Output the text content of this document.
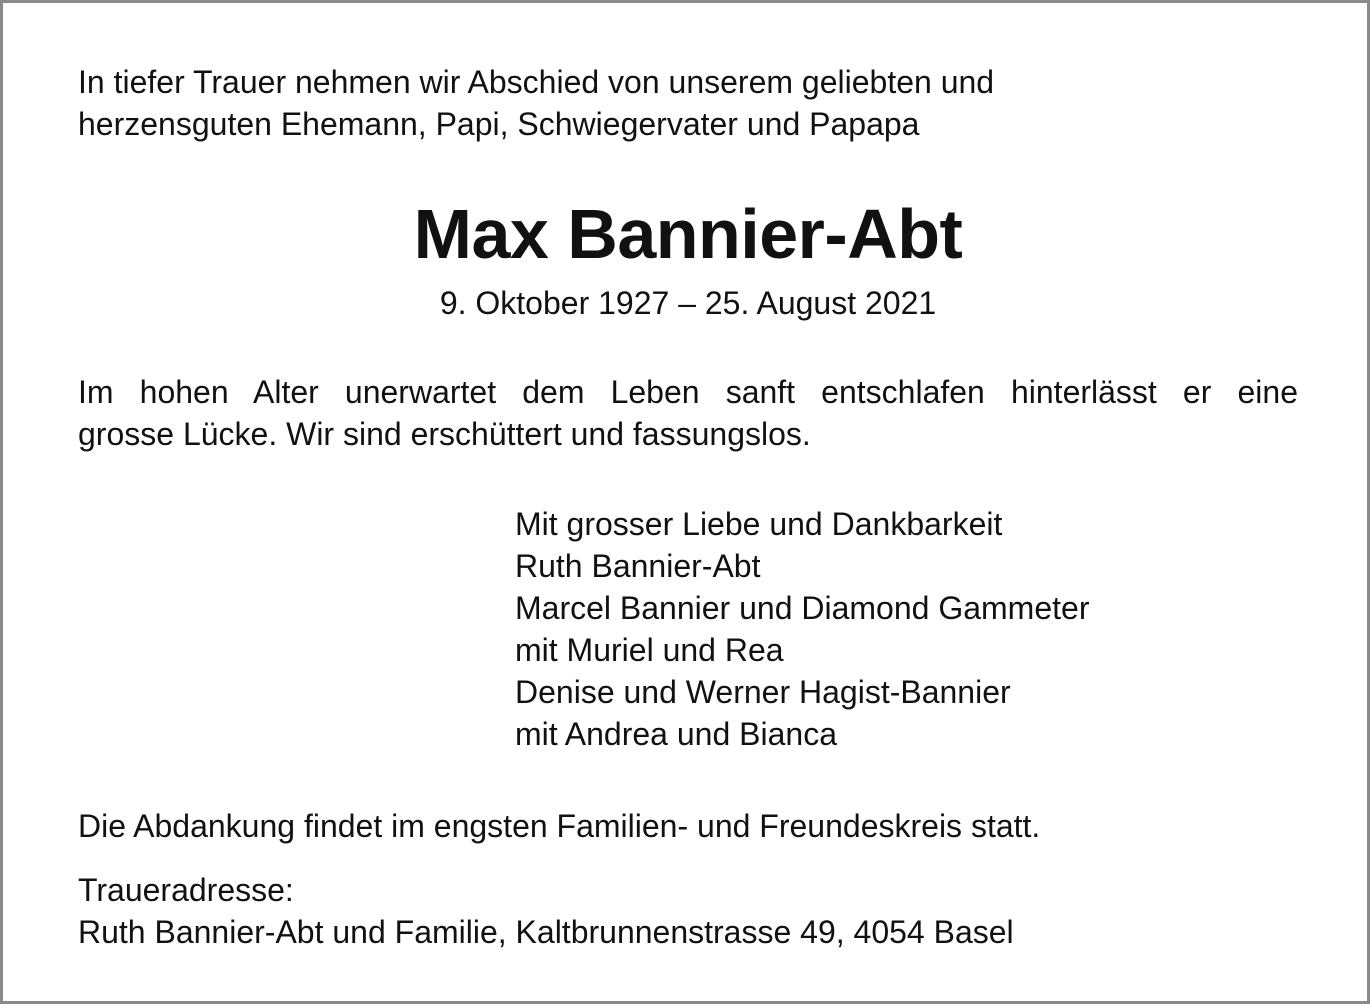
In tiefer Trauer nehmen wir Abschied von unserem geliebten und
herzensguten Ehemann, Papi, Schwiegervater und Papapa
Max Bannier-Abt
9. Oktober 1927 – 25. August 2021
Im hohen Alter unerwartet dem Leben sanft entschlafen hinterlässt er eine
grosse Lücke. Wir sind erschüttert und fassungslos.
Mit grosser Liebe und Dankbarkeit
Ruth Bannier-Abt
Marcel Bannier und Diamond Gammeter
mit Muriel und Rea
Denise und Werner Hagist-Bannier
mit Andrea und Bianca
Die Abdankung findet im engsten Familien- und Freundeskreis statt.
Traueradresse:
Ruth Bannier-Abt und Familie, Kaltbrunnenstrasse 49, 4054 Basel
